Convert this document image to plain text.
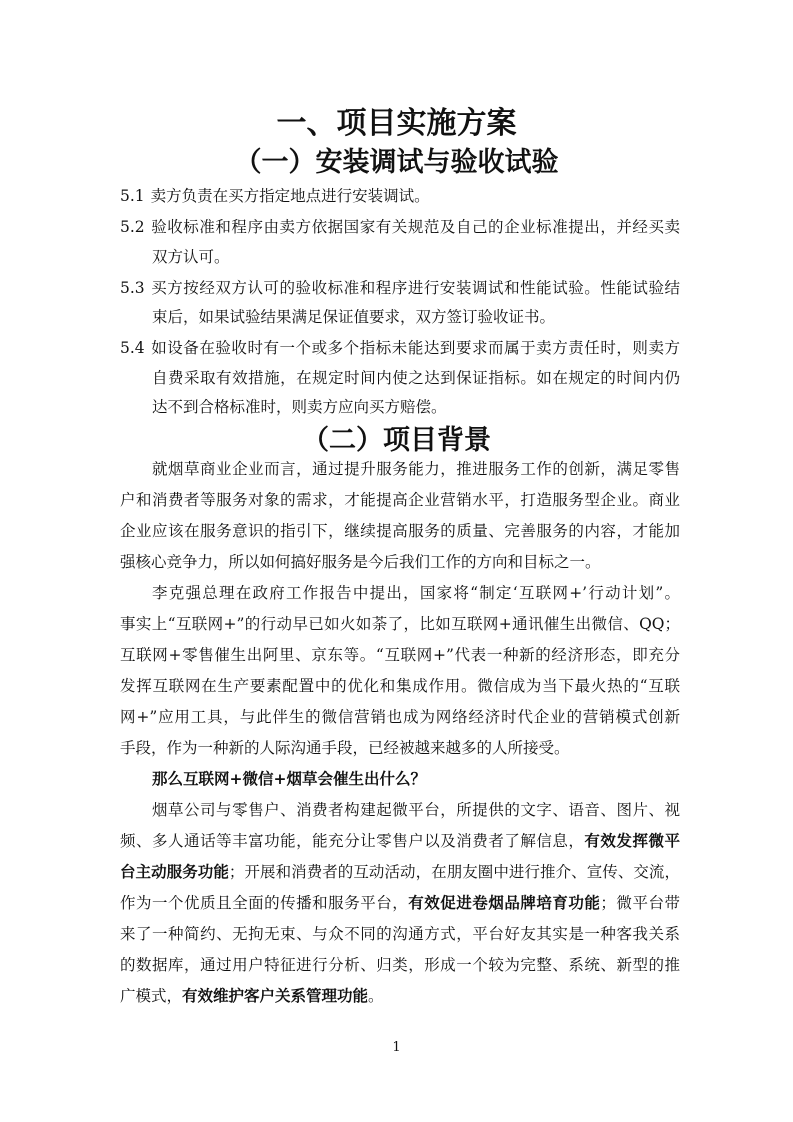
一、项目实施方案
（一）安装调试与验收试验
5.1 卖方负责在买方指定地点进行安装调试。
5.2 验收标准和程序由卖方依据国家有关规范及自己的企业标准提出，并经买卖
双方认可。
5.3 买方按经双方认可的验收标准和程序进行安装调试和性能试验。性能试验结
束后，如果试验结果满足保证值要求，双方签订验收证书。
5.4 如设备在验收时有一个或多个指标未能达到要求而属于卖方责任时，则卖方
自费采取有效措施，在规定时间内使之达到保证指标。如在规定的时间内仍
达不到合格标准时，则卖方应向买方赔偿。
（二）项目背景
就烟草商业企业而言，通过提升服务能力，推进服务工作的创新，满足零售
户和消费者等服务对象的需求，才能提高企业营销水平，打造服务型企业。商业
企业应该在服务意识的指引下，继续提高服务的质量、完善服务的内容，才能加
强核心竞争力，所以如何搞好服务是今后我们工作的方向和目标之一。
李克强总理在政府工作报告中提出，国家将“制定‘互联网+’行动计划”。
事实上“互联网+”的行动早已如火如荼了，比如互联网+通讯催生出微信、QQ；
互联网+零售催生出阿里、京东等。“互联网+”代表一种新的经济形态，即充分
发挥互联网在生产要素配置中的优化和集成作用。微信成为当下最火热的“互联
网+”应用工具，与此伴生的微信营销也成为网络经济时代企业的营销模式创新
手段，作为一种新的人际沟通手段，已经被越来越多的人所接受。
那么互联网+微信+烟草会催生出什么？
烟草公司与零售户、消费者构建起微平台，所提供的文字、语音、图片、视
频、多人通话等丰富功能，能充分让零售户以及消费者了解信息，有效发挥微平
台主动服务功能；开展和消费者的互动活动，在朋友圈中进行推介、宣传、交流，
作为一个优质且全面的传播和服务平台，有效促进卷烟品牌培育功能；微平台带
来了一种简约、无拘无束、与众不同的沟通方式，平台好友其实是一种客我关系
的数据库，通过用户特征进行分析、归类，形成一个较为完整、系统、新型的推
广模式，有效维护客户关系管理功能。
1
